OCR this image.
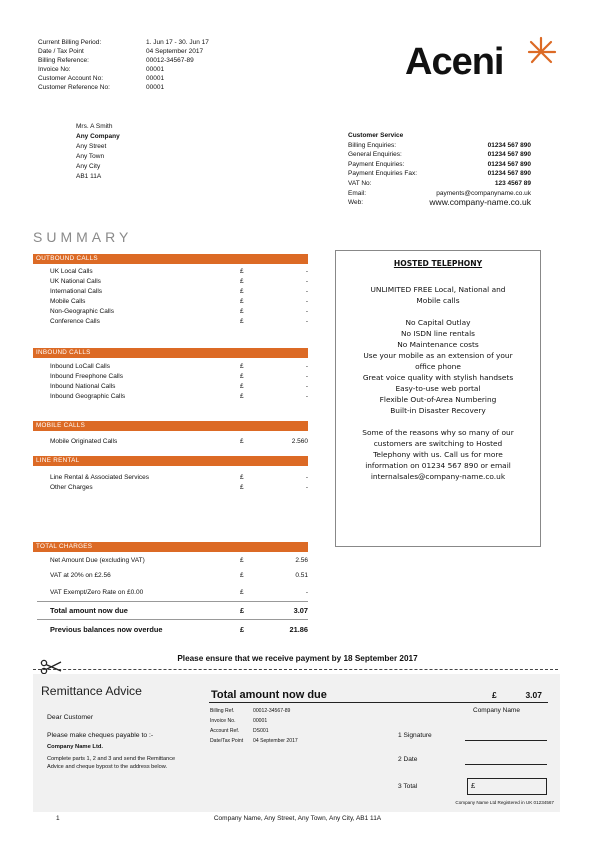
Current Billing Period:	1. Jun 17 - 30. Jun 17
Date / Tax Point	04 September 2017
Billing Reference:	00012-34567-89
Invoice No:	00001
Customer Account No:	00001
Customer Reference No:	00001
Aceni
Mrs. A Smith
Any Company
Any Street
Any Town
Any City
AB1 11A
Customer Service
Billing Enquiries:	01234 567 890
General Enquiries:	01234 567 890
Payment Enquiries:	01234 567 890
Payment Enquiries Fax:	01234 567 890
VAT No:	123 4567 89
Email:	payments@companyname.co.uk
Web:	www.company-name.co.uk
SUMMARY
OUTBOUND CALLS
UK Local Calls	£	-
UK National Calls	£	-
International Calls	£	-
Mobile Calls	£	-
Non-Geographic Calls	£	-
Conference Calls	£	-
INBOUND CALLS
Inbound LoCall Calls	£	-
Inbound Freephone Calls	£	-
Inbound National Calls	£	-
Inbound Geographic Calls	£	-
MOBILE CALLS
Mobile Originated Calls	£	2.560
LINE RENTAL
Line Rental & Associated Services	£	-
Other Charges	£	-
TOTAL CHARGES
Net Amount Due (excluding VAT)	£	2.56
VAT at 20% on £2.56	£	0.51
VAT Exempt/Zero Rate on £0.00	£	-
Total amount now due	£	3.07
Previous balances now overdue	£	21.86
HOSTED TELEPHONY
UNLIMITED FREE Local, National and
Mobile calls
No Capital Outlay
No ISDN line rentals
No Maintenance costs
Use your mobile as an extension of your
office phone
Great voice quality with stylish handsets
Easy-to-use web portal
Flexible Out-of-Area Numbering
Built-in Disaster Recovery
Some of the reasons why so many of our
customers are switching to Hosted
Telephony with us. Call us for more
information on 01234 567 890 or email
internalsales@company-name.co.uk
Please ensure that we receive payment by 18 September 2017
Remittance Advice
Dear Customer
Please make cheques payable to :-
Company Name Ltd.
Complete parts 1, 2 and 3 and send the Remittance Advice and cheque bypost to the address below.
Total amount now due	£	3.07
Company Name
Billing Ref.	00012-34567-89
Invoice No.	00001
Account Ref.	DS001
Date/Tax Point	04 September 2017
1 Signature
2 Date
3 Total	£
Company Name Ltd Registered in UK 01234567
1	Company Name, Any Street, Any Town, Any City, AB1 11A
